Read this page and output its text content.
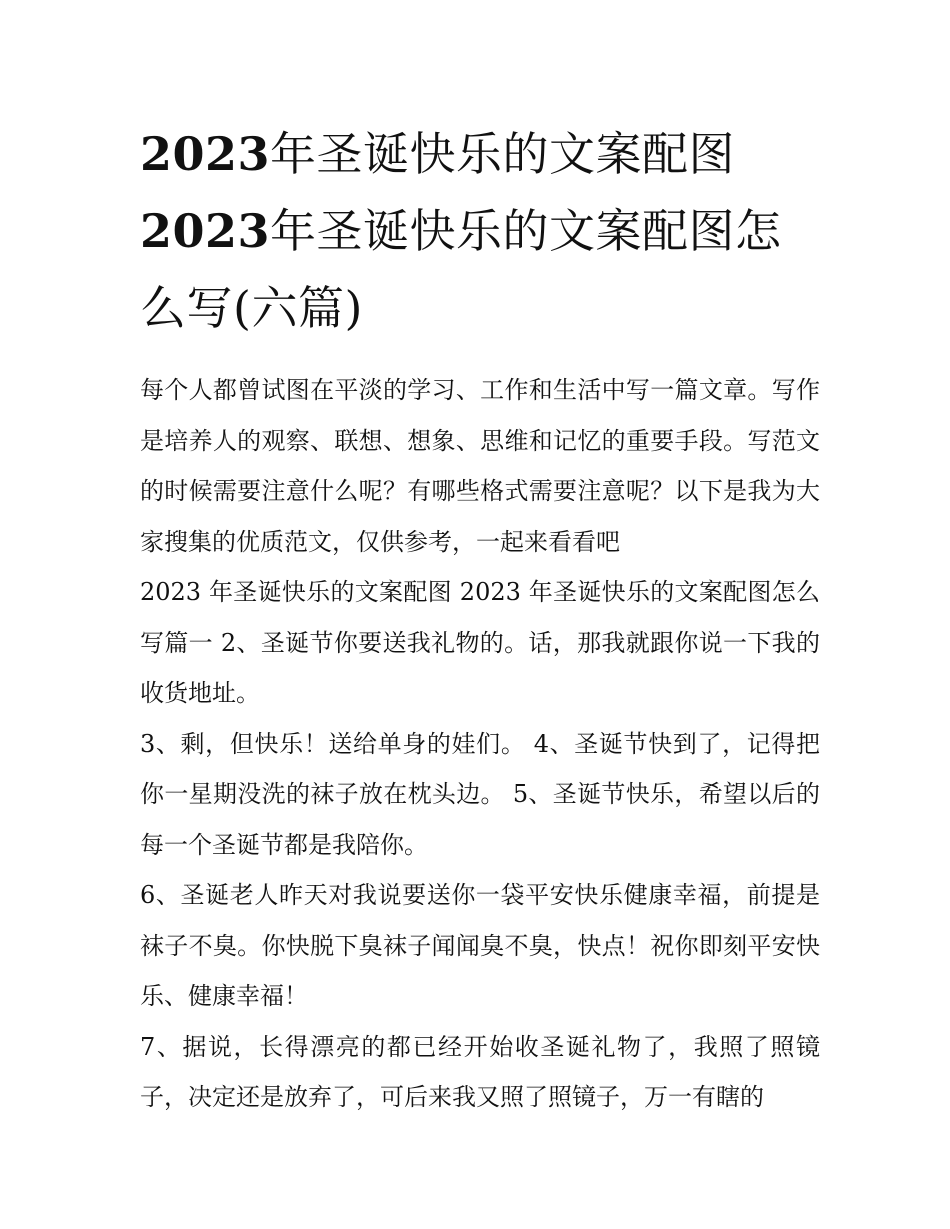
2023年圣诞快乐的文案配图
2023年圣诞快乐的文案配图怎
么写(六篇)

每个人都曾试图在平淡的学习、工作和生活中写一篇文章。写作是培养人的观察、联想、想象、思维和记忆的重要手段。写范文的时候需要注意什么呢？有哪些格式需要注意呢？以下是我为大家搜集的优质范文，仅供参考，一起来看看吧

2023 年圣诞快乐的文案配图 2023 年圣诞快乐的文案配图怎么写篇一 2、圣诞节你要送我礼物的。话，那我就跟你说一下我的收货地址。

3、剩，但快乐！送给单身的娃们。 4、圣诞节快到了，记得把你一星期没洗的袜子放在枕头边。 5、圣诞节快乐，希望以后的每一个圣诞节都是我陪你。

6、圣诞老人昨天对我说要送你一袋平安快乐健康幸福，前提是袜子不臭。你快脱下臭袜子闻闻臭不臭，快点！祝你即刻平安快乐、健康幸福！

7、据说，长得漂亮的都已经开始收圣诞礼物了，我照了照镜子，决定还是放弃了，可后来我又照了照镜子，万一有瞎的
